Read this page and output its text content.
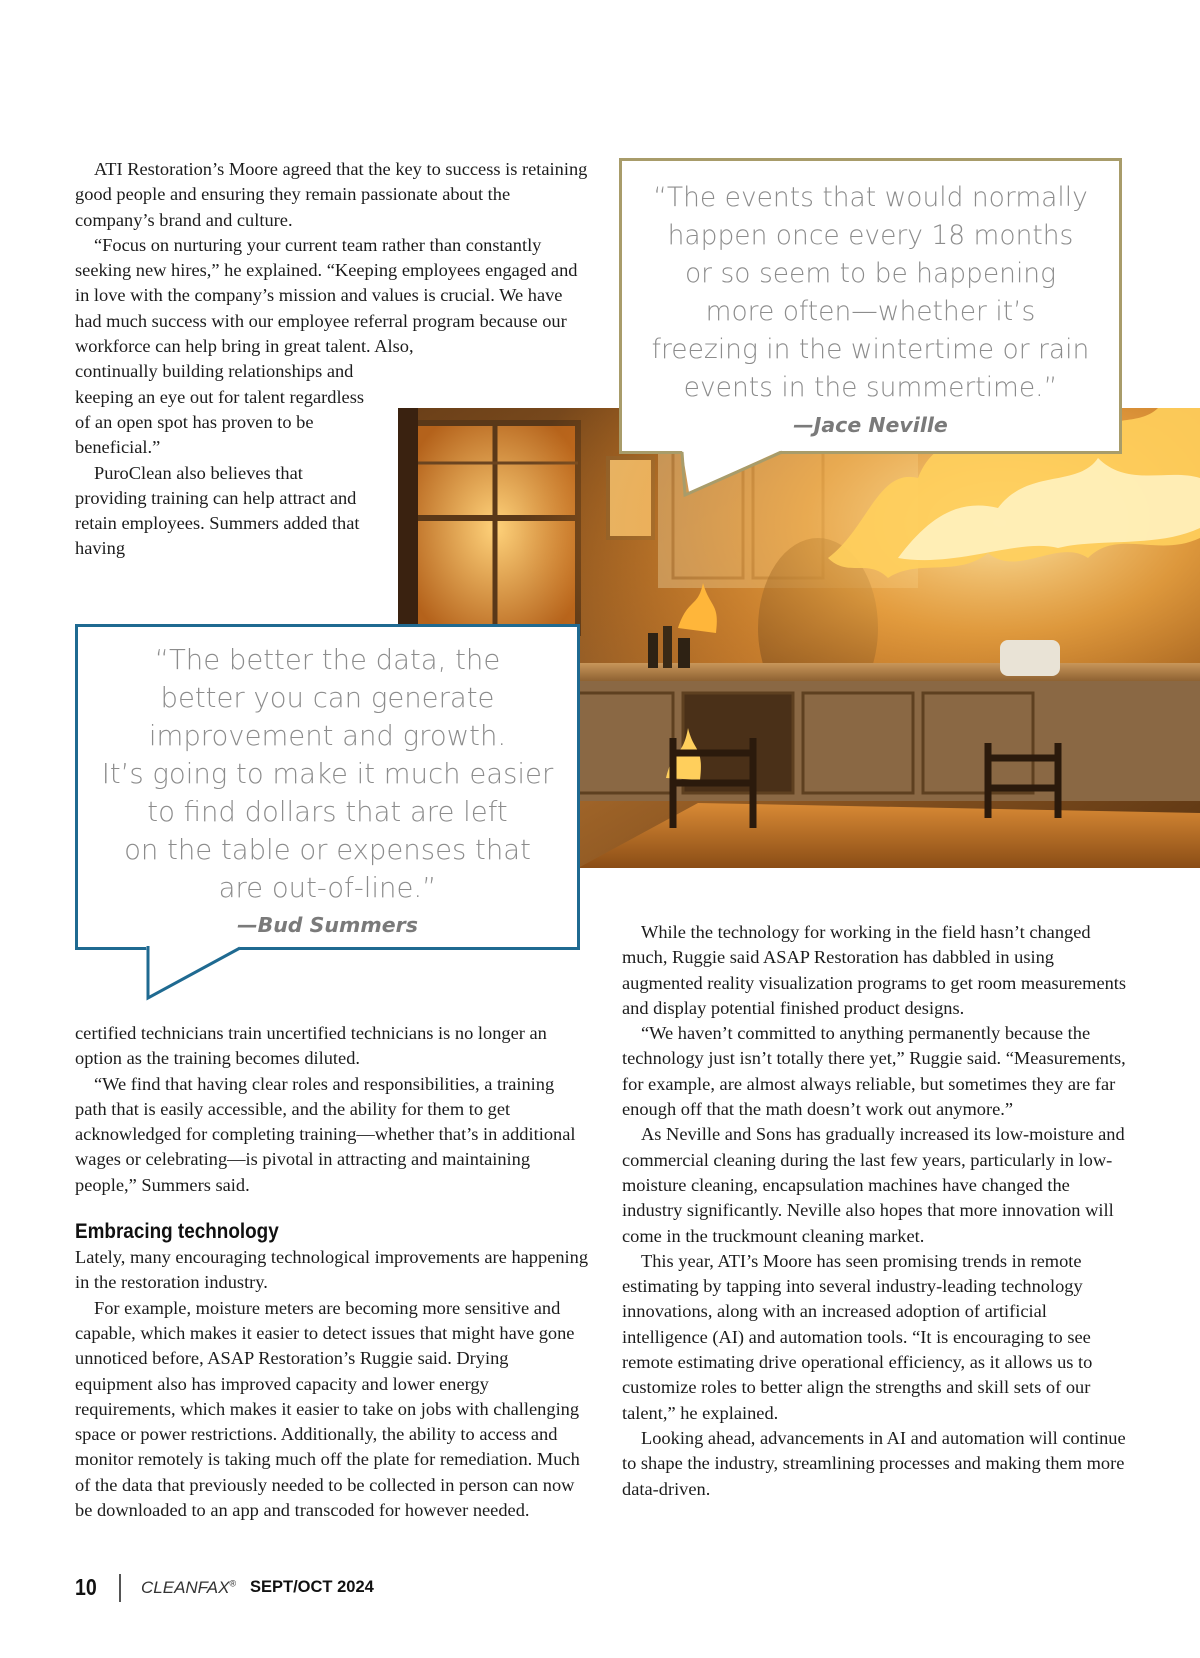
ATI Restoration’s Moore agreed that the key to success is retaining good people and ensuring they remain passionate about the company’s brand and culture.

“Focus on nurturing your current team rather than constantly seeking new hires,” he explained. “Keeping employees engaged and in love with the company’s mission and values is crucial. We have had much success with our employee referral program because our workforce can help bring in great talent. Also,

continually building relationships and keeping an eye out for talent regardless of an open spot has proven to be beneficial.”

PuroClean also believes that providing training can help attract and retain employees. Summers added that having

“The events that would normally
happen once every 18 months
or so seem to be happening
more often—whether it’s
freezing in the wintertime or rain
events in the summertime.”

—Jace Neville

“The better the data, the
better you can generate
improvement and growth.
It’s going to make it much easier
to find dollars that are left
on the table or expenses that
are out-of-line.”

—Bud Summers

certified technicians train uncertified technicians is no longer an option as the training becomes diluted.

“We find that having clear roles and responsibilities, a training path that is easily accessible, and the ability for them to get acknowledged for completing training—whether that’s in additional wages or celebrating—is pivotal in attracting and maintaining people,” Summers said.

Embracing technology

Lately, many encouraging technological improvements are happening in the restoration industry.

For example, moisture meters are becoming more sensitive and capable, which makes it easier to detect issues that might have gone unnoticed before, ASAP Restoration’s Ruggie said. Drying equipment also has improved capacity and lower energy requirements, which makes it easier to take on jobs with challenging space or power restrictions. Additionally, the ability to access and monitor remotely is taking much off the plate for remediation. Much of the data that previously needed to be collected in person can now be downloaded to an app and transcoded for however needed.

While the technology for working in the field hasn’t changed much, Ruggie said ASAP Restoration has dabbled in using augmented reality visualization programs to get room measurements and display potential finished product designs.

“We haven’t committed to anything permanently because the technology just isn’t totally there yet,” Ruggie said. “Measurements, for example, are almost always reliable, but sometimes they are far enough off that the math doesn’t work out anymore.”

As Neville and Sons has gradually increased its low-moisture and commercial cleaning during the last few years, particularly in low-moisture cleaning, encapsulation machines have changed the industry significantly. Neville also hopes that more innovation will come in the truckmount cleaning market.

This year, ATI’s Moore has seen promising trends in remote estimating by tapping into several industry-leading technology innovations, along with an increased adoption of artificial intelligence (AI) and automation tools. “It is encouraging to see remote estimating drive operational efficiency, as it allows us to customize roles to better align the strengths and skill sets of our talent,” he explained.

Looking ahead, advancements in AI and automation will continue to shape the industry, streamlining processes and making them more data-driven.

10	CLEANFAX® SEPT/OCT 2024
